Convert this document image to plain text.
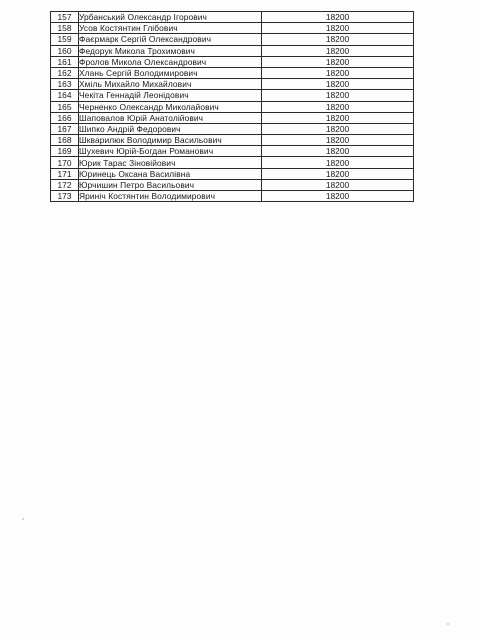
157	Урбанський Олександр Ігорович	18200
158	Усов Костянтин Глібович	18200
159	Фаєрмарк Сергій Олександрович	18200
160	Федорук Микола Трохимович	18200
161	Фролов Микола Олександрович	18200
162	Хлань Сергій Володимирович	18200
163	Хміль Михайло Михайлович	18200
164	Чекіта Геннадій Леонідович	18200
165	Черненко Олександр Миколайович	18200
166	Шаповалов Юрій Анатолійович	18200
167	Шипко Андрій Федорович	18200
168	Шкварилюк Володимир Васильович	18200
169	Шухевич Юрій-Богдан Романович	18200
170	Юрик Тарас Зіновійович	18200
171	Юринець Оксана Василівна	18200
172	Юрчишин Петро Васильович	18200
173	Яриніч Костянтин Володимирович	18200
